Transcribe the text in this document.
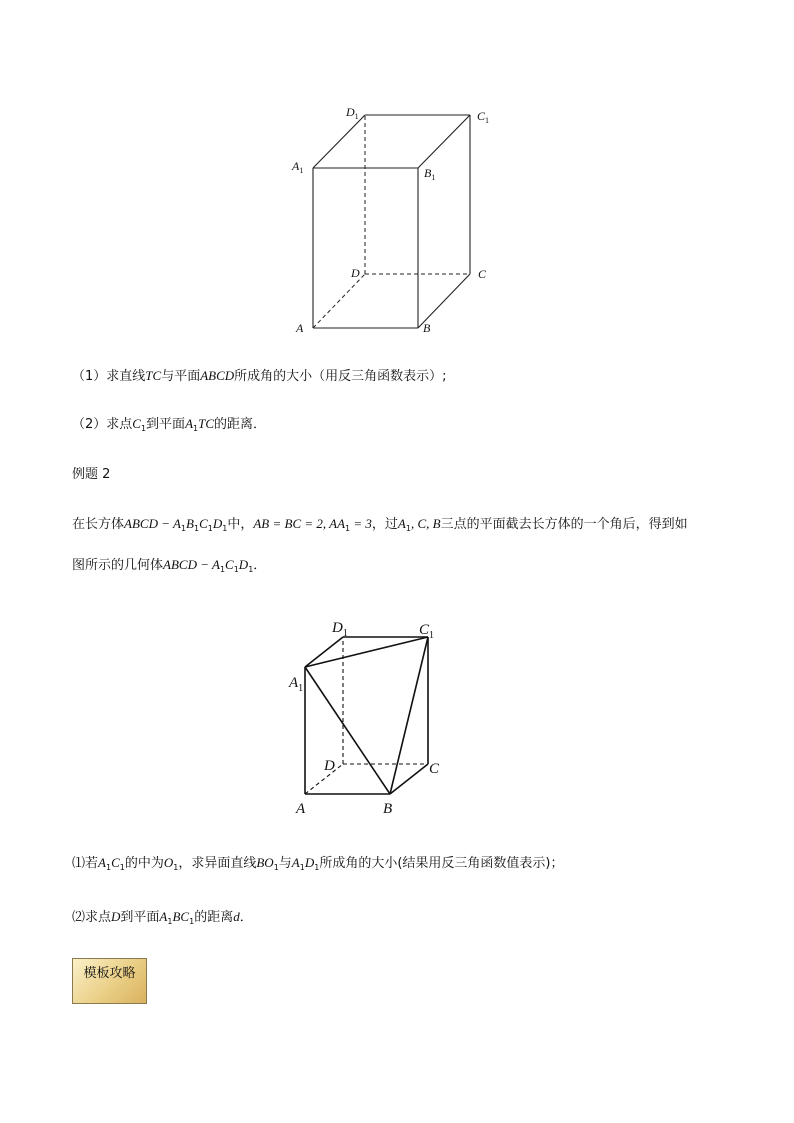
$D_1$	$C_1$
$A_1$	$B_1$
D	C
A	B
（1）求直线TC与平面ABCD所成角的大小（用反三角函数表示）;
（2）求点$C_1$到平面$A_1TC$的距离．
例题 2
在长方体ABCD − $A_1B_1C_1D_1$中，AB = BC = 2, $AA_1 = 3$，过$A_1$, C, B三点的平面截去长方体的一个角后，得到如
图所示的几何体ABCD − $A_1C_1D_1$．
$D_1$	$C_1$
$A_1$
D	C
A	B
⑴若$A_1C_1$的中为$O_1$，求异面直线$BO_1$与$A_1D_1$所成角的大小(结果用反三角函数值表示)；
⑵求点D到平面$A_1BC_1$的距离d．
模板攻略
